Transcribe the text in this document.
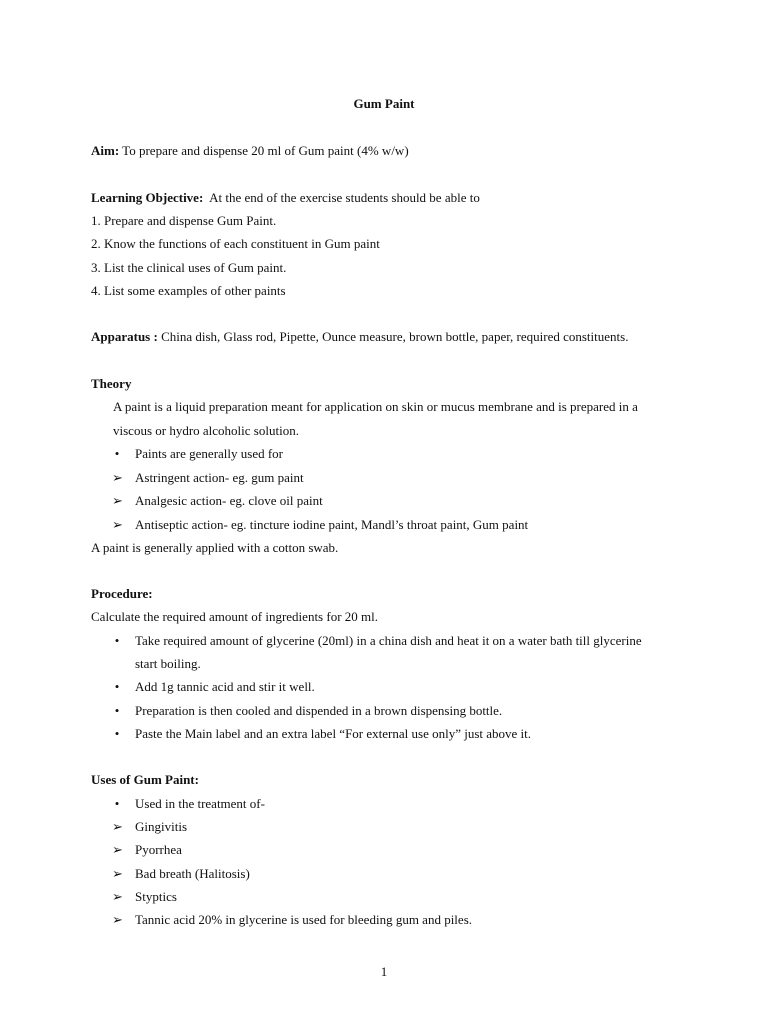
Gum Paint
Aim: To prepare and dispense 20 ml of Gum paint (4% w/w)
Learning Objective:  At the end of the exercise students should be able to
1. Prepare and dispense Gum Paint.
2. Know the functions of each constituent in Gum paint
3. List the clinical uses of Gum paint.
4. List some examples of other paints
Apparatus : China dish, Glass rod, Pipette, Ounce measure, brown bottle, paper, required constituents.
Theory
A paint is a liquid preparation meant for application on skin or mucus membrane and is prepared in a
viscous or hydro alcoholic solution.
• Paints are generally used for
➢ Astringent action- eg. gum paint
➢ Analgesic action- eg. clove oil paint
➢ Antiseptic action- eg. tincture iodine paint, Mandl’s throat paint, Gum paint
A paint is generally applied with a cotton swab.
Procedure:
Calculate the required amount of ingredients for 20 ml.
• Take required amount of glycerine (20ml) in a china dish and heat it on a water bath till glycerine
start boiling.
• Add 1g tannic acid and stir it well.
• Preparation is then cooled and dispended in a brown dispensing bottle.
• Paste the Main label and an extra label “For external use only” just above it.
Uses of Gum Paint:
• Used in the treatment of-
➢ Gingivitis
➢ Pyorrhea
➢ Bad breath (Halitosis)
➢ Styptics
➢ Tannic acid 20% in glycerine is used for bleeding gum and piles.
1
